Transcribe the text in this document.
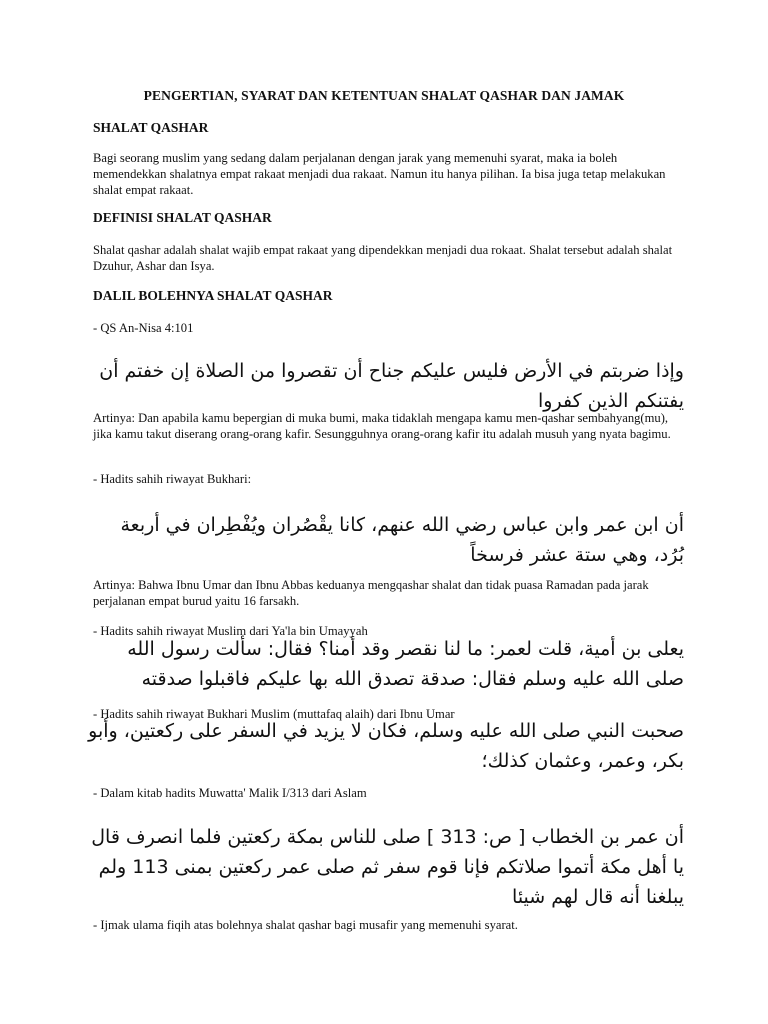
PENGERTIAN, SYARAT DAN KETENTUAN SHALAT QASHAR DAN JAMAK

SHALAT QASHAR

Bagi seorang muslim yang sedang dalam perjalanan dengan jarak yang memenuhi syarat, maka ia boleh memendekkan shalatnya empat rakaat menjadi dua rakaat. Namun itu hanya pilihan. Ia bisa juga tetap melakukan shalat empat rakaat.

DEFINISI SHALAT QASHAR

Shalat qashar adalah shalat wajib empat rakaat yang dipendekkan menjadi dua rokaat. Shalat tersebut adalah shalat Dzuhur, Ashar dan Isya.

DALIL BOLEHNYA SHALAT QASHAR

- QS An-Nisa 4:101

وإذا ضربتم في الأرض فليس عليكم جناح أن تقصروا من الصلاة إن خفتم أن يفتنكم الذين كفروا

Artinya: Dan apabila kamu bepergian di muka bumi, maka tidaklah mengapa kamu men-qashar sembahyang(mu), jika kamu takut diserang orang-orang kafir. Sesungguhnya orang-orang kafir itu adalah musuh yang nyata bagimu.

- Hadits sahih riwayat Bukhari:

أن ابن عمر وابن عباس رضي الله عنهم، كانا يقْصُران ويُفْطِران في أربعة بُرُد، وهي ستة عشر فرسخاً

Artinya: Bahwa Ibnu Umar dan Ibnu Abbas keduanya mengqashar shalat dan tidak puasa Ramadan pada jarak perjalanan empat burud yaitu 16 farsakh.

- Hadits sahih riwayat Muslim dari Ya'la bin Umayyah

يعلى بن أمية، قلت لعمر: ما لنا نقصر وقد أمنا؟ فقال: سألت رسول الله صلى الله عليه وسلم فقال: صدقة تصدق الله بها عليكم فاقبلوا صدقته

- Hadits sahih riwayat Bukhari Muslim (muttafaq alaih) dari Ibnu Umar

صحبت النبي صلى الله عليه وسلم، فكان لا يزيد في السفر على ركعتين، وأبو بكر، وعمر، وعثمان كذلك؛

- Dalam kitab hadits Muwatta' Malik I/313 dari Aslam

أن عمر بن الخطاب [ ص: 313 ] صلى للناس بمكة ركعتين فلما انصرف قال يا أهل مكة أتموا صلاتكم فإنا قوم سفر ثم صلى عمر ركعتين بمنى 113 ولم يبلغنا أنه قال لهم شيئا

- Ijmak ulama fiqih atas bolehnya shalat qashar bagi musafir yang memenuhi syarat.
